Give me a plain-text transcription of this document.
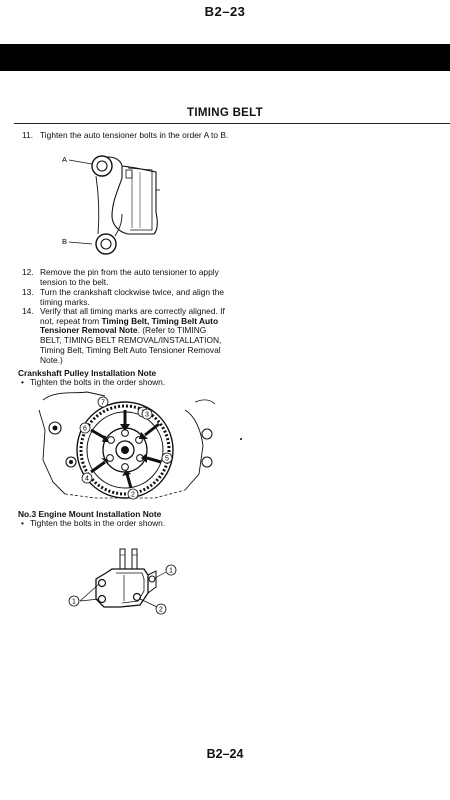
B2–23
TIMING BELT
11. Tighten the auto tensioner bolts in the order A to B.
A
B
12. Remove the pin from the auto tensioner to apply tension to the belt.
13. Turn the crankshaft clockwise twice, and align the timing marks.
14. Verify that all timing marks are correctly aligned. If not, repeat from Timing Belt, Timing Belt Auto Tensioner Removal Note. (Refer to TIMING BELT, TIMING BELT REMOVAL/INSTALLATION, Timing Belt, Timing Belt Auto Tensioner Removal Note.)
Crankshaft Pulley Installation Note
• Tighten the bolts in the order shown.
7
3
5
2
4
6
No.3 Engine Mount Installation Note
• Tighten the bolts in the order shown.
1
1
2
B2–24
